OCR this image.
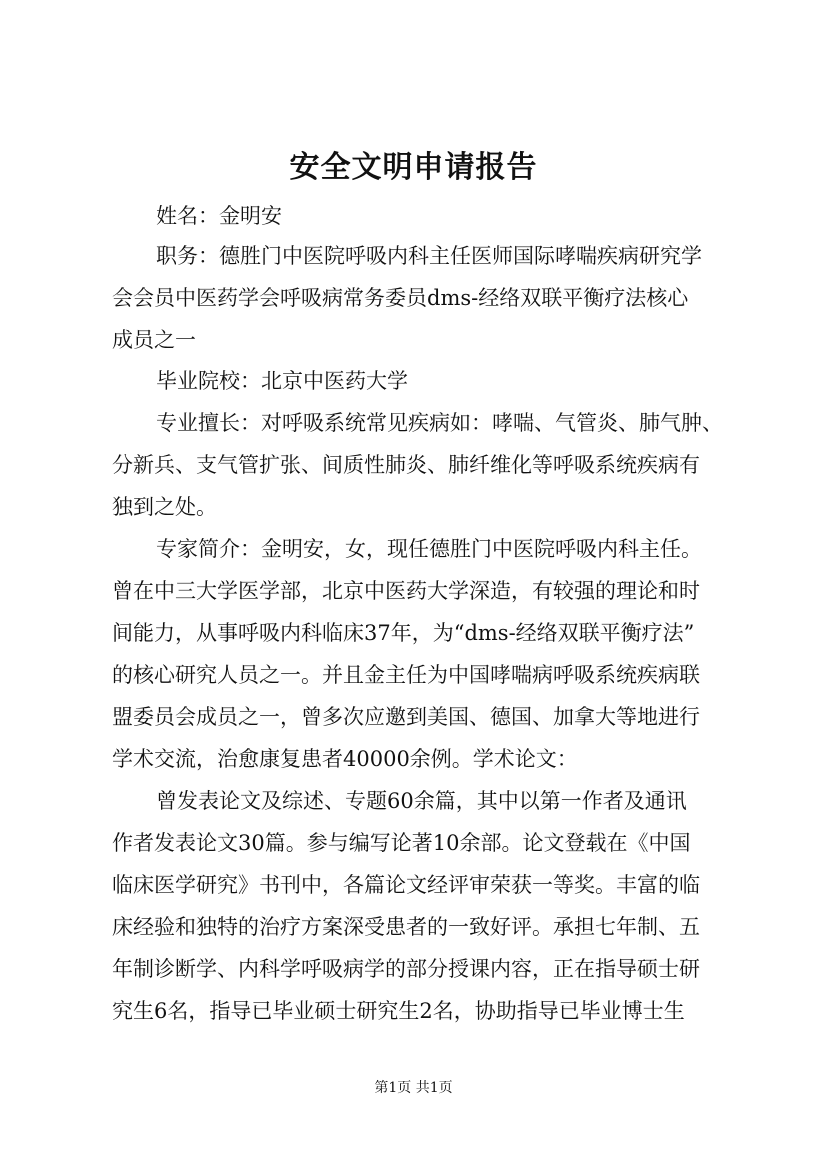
安全文明申请报告
姓名：金明安
职务：德胜门中医院呼吸内科主任医师国际哮喘疾病研究学
会会员中医药学会呼吸病常务委员dms-经络双联平衡疗法核心
成员之一
毕业院校：北京中医药大学
专业擅长：对呼吸系统常见疾病如：哮喘、气管炎、肺气肿、
分新兵、支气管扩张、间质性肺炎、肺纤维化等呼吸系统疾病有
独到之处。
专家简介：金明安，女，现任德胜门中医院呼吸内科主任。
曾在中三大学医学部，北京中医药大学深造，有较强的理论和时
间能力，从事呼吸内科临床37年，为“dms-经络双联平衡疗法”
的核心研究人员之一。并且金主任为中国哮喘病呼吸系统疾病联
盟委员会成员之一，曾多次应邀到美国、德国、加拿大等地进行
学术交流，治愈康复患者40000余例。学术论文：
曾发表论文及综述、专题60余篇，其中以第一作者及通讯
作者发表论文30篇。参与编写论著10余部。论文登载在《中国
临床医学研究》书刊中，各篇论文经评审荣获一等奖。丰富的临
床经验和独特的治疗方案深受患者的一致好评。承担七年制、五
年制诊断学、内科学呼吸病学的部分授课内容，正在指导硕士研
究生6名，指导已毕业硕士研究生2名，协助指导已毕业博士生
第1页 共1页
